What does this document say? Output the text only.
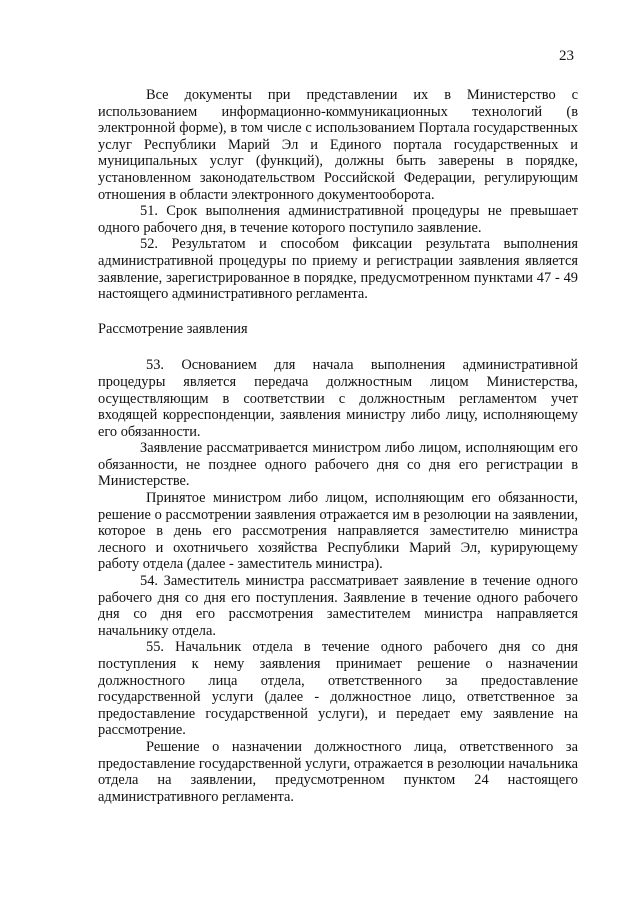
23

Все документы при представлении их в Министерство с использованием информационно-коммуникационных технологий (в электронной форме), в том числе с использованием Портала государственных услуг Республики Марий Эл и Единого портала государственных и муниципальных услуг (функций), должны быть заверены в порядке, установленном законодательством Российской Федерации, регулирующим отношения в области электронного документооборота.

51. Срок выполнения административной процедуры не превышает одного рабочего дня, в течение которого поступило заявление.

52. Результатом и способом фиксации результата выполнения административной процедуры по приему и регистрации заявления является заявление, зарегистрированное в порядке, предусмотренном пунктами 47 - 49 настоящего административного регламента.

Рассмотрение заявления

53. Основанием для начала выполнения административной процедуры является передача должностным лицом Министерства, осуществляющим в соответствии с должностным регламентом учет входящей корреспонденции, заявления министру либо лицу, исполняющему его обязанности.

Заявление рассматривается министром либо лицом, исполняющим его обязанности, не позднее одного рабочего дня со дня его регистрации в Министерстве.

Принятое министром либо лицом, исполняющим его обязанности, решение о рассмотрении заявления отражается им в резолюции на заявлении, которое в день его рассмотрения направляется заместителю министра лесного и охотничьего хозяйства Республики Марий Эл, курирующему работу отдела (далее - заместитель министра).

54. Заместитель министра рассматривает заявление в течение одного рабочего дня со дня его поступления. Заявление в течение одного рабочего дня со дня его рассмотрения заместителем министра направляется начальнику отдела.

55. Начальник отдела в течение одного рабочего дня со дня поступления к нему заявления принимает решение о назначении должностного лица отдела, ответственного за предоставление государственной услуги (далее - должностное лицо, ответственное за предоставление государственной услуги), и передает ему заявление на рассмотрение.

Решение о назначении должностного лица, ответственного за предоставление государственной услуги, отражается в резолюции начальника отдела на заявлении, предусмотренном пунктом 24 настоящего административного регламента.
